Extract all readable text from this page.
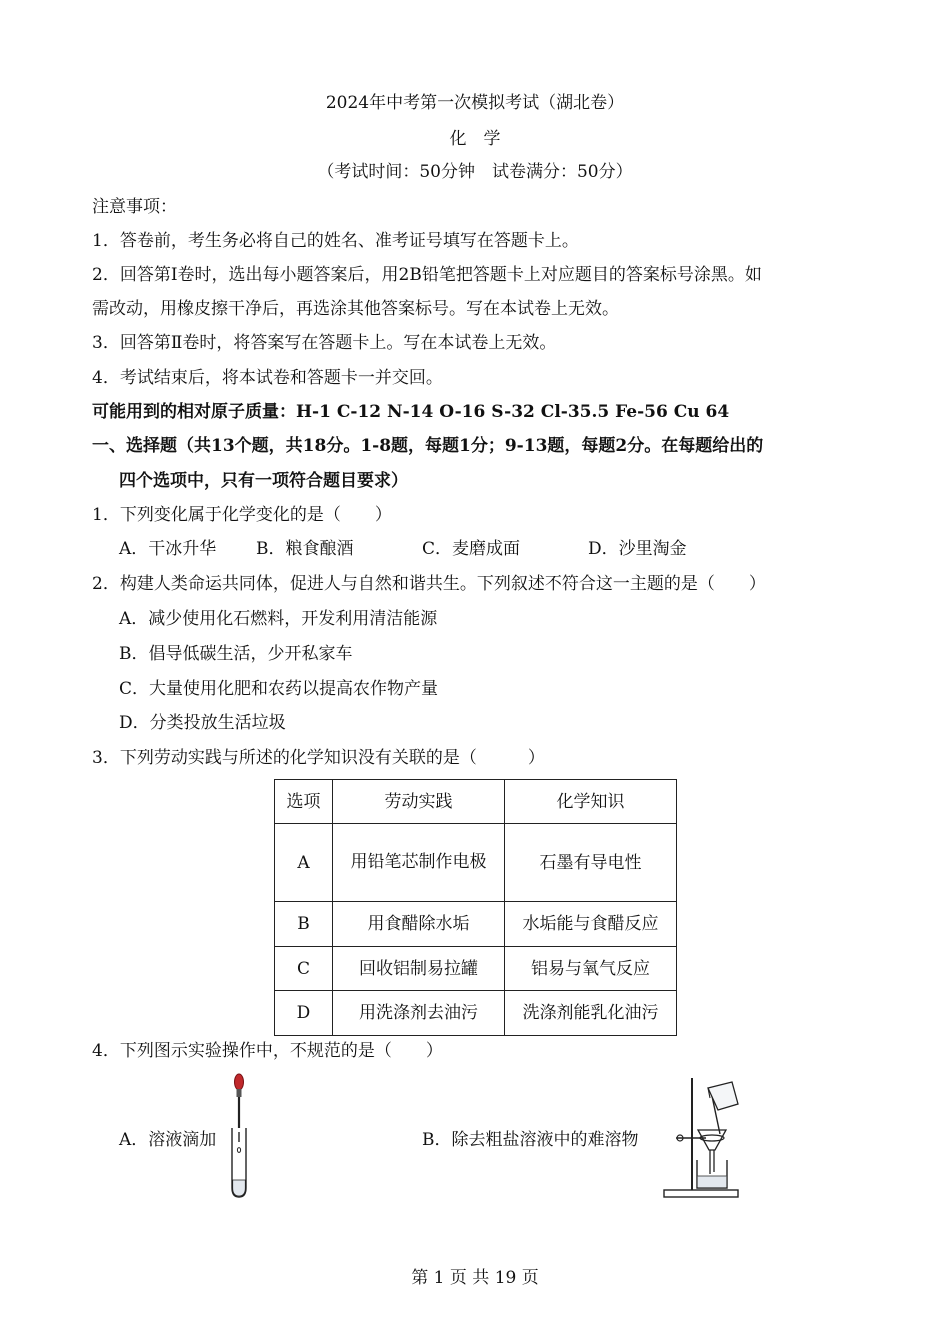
2024年中考第一次模拟考试（湖北卷）
化　学
（考试时间：50分钟　试卷满分：50分）
注意事项：
1．答卷前，考生务必将自己的姓名、准考证号填写在答题卡上。
2．回答第Ⅰ卷时，选出每小题答案后，用2B铅笔把答题卡上对应题目的答案标号涂黑。如
需改动，用橡皮擦干净后，再选涂其他答案标号。写在本试卷上无效。
3．回答第Ⅱ卷时，将答案写在答题卡上。写在本试卷上无效。
4．考试结束后，将本试卷和答题卡一并交回。
可能用到的相对原子质量：H-1 C-12 N-14 O-16 S-32 Cl-35.5 Fe-56 Cu 64
一、选择题（共13个题，共18分。1-8题，每题1分；9-13题，每题2分。在每题给出的
四个选项中，只有一项符合题目要求）
1．下列变化属于化学变化的是（　　）
A．干冰升华 B．粮食酿酒	C．麦磨成面	D．沙里淘金
2．构建人类命运共同体，促进人与自然和谐共生。下列叙述不符合这一主题的是（　　）
A．减少使用化石燃料，开发利用清洁能源
B．倡导低碳生活，少开私家车
C．大量使用化肥和农药以提高农作物产量
D．分类投放生活垃圾
3．下列劳动实践与所述的化学知识没有关联的是（　　　）
选项	劳动实践	化学知识
A	用铅笔芯制作电极	石墨有导电性
B	用食醋除水垢	水垢能与食醋反应
C	回收铝制易拉罐	铝易与氧气反应
D	用洗涤剂去油污	洗涤剂能乳化油污
4．下列图示实验操作中，不规范的是（　　）
A．溶液滴加	B．除去粗盐溶液中的难溶物
第 1 页 共 19 页
